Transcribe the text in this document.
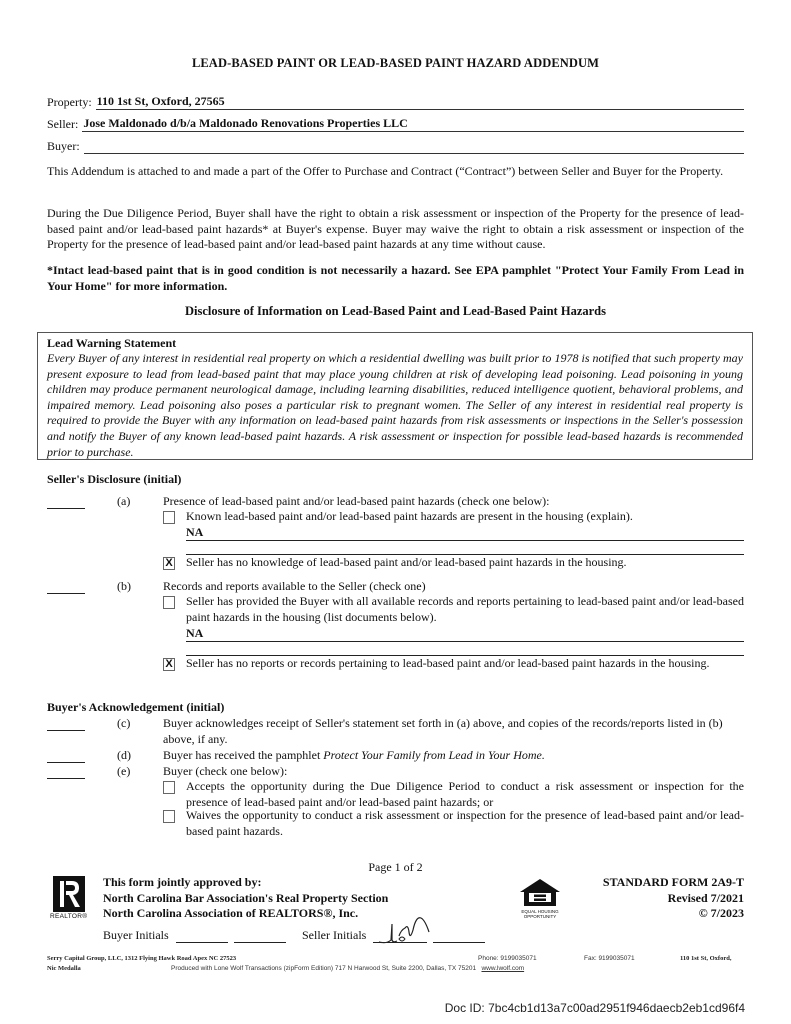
LEAD-BASED PAINT OR LEAD-BASED PAINT HAZARD ADDENDUM
Property: 110 1st St, Oxford, 27565
Seller: Jose Maldonado d/b/a Maldonado Renovations Properties LLC
Buyer:
This Addendum is attached to and made a part of the Offer to Purchase and Contract (“Contract”) between Seller and Buyer for the Property.
During the Due Diligence Period, Buyer shall have the right to obtain a risk assessment or inspection of the Property for the presence of lead-based paint and/or lead-based paint hazards* at Buyer's expense. Buyer may waive the right to obtain a risk assessment or inspection of the Property for the presence of lead-based paint and/or lead-based paint hazards at any time without cause.
*Intact lead-based paint that is in good condition is not necessarily a hazard. See EPA pamphlet "Protect Your Family From Lead in Your Home" for more information.
Disclosure of Information on Lead-Based Paint and Lead-Based Paint Hazards
Lead Warning Statement
Every Buyer of any interest in residential real property on which a residential dwelling was built prior to 1978 is notified that such property may present exposure to lead from lead-based paint that may place young children at risk of developing lead poisoning. Lead poisoning in young children may produce permanent neurological damage, including learning disabilities, reduced intelligence quotient, behavioral problems, and impaired memory. Lead poisoning also poses a particular risk to pregnant women. The Seller of any interest in residential real property is required to provide the Buyer with any information on lead-based paint hazards from risk assessments or inspections in the Seller's possession and notify the Buyer of any known lead-based paint hazards. A risk assessment or inspection for possible lead-based hazards is recommended prior to purchase.
Seller's Disclosure (initial)
(a)	Presence of lead-based paint and/or lead-based paint hazards (check one below):
Known lead-based paint and/or lead-based paint hazards are present in the housing (explain).
NA
X Seller has no knowledge of lead-based paint and/or lead-based paint hazards in the housing.
(b)	Records and reports available to the Seller (check one)
Seller has provided the Buyer with all available records and reports pertaining to lead-based paint and/or lead-based paint hazards in the housing (list documents below).
NA
X Seller has no reports or records pertaining to lead-based paint and/or lead-based paint hazards in the housing.
Buyer's Acknowledgement (initial)
(c)	Buyer acknowledges receipt of Seller's statement set forth in (a) above, and copies of the records/reports listed in (b) above, if any.
(d)	Buyer has received the pamphlet Protect Your Family from Lead in Your Home.
(e)	Buyer (check one below):
Accepts the opportunity during the Due Diligence Period to conduct a risk assessment or inspection for the presence of lead-based paint and/or lead-based paint hazards; or
Waives the opportunity to conduct a risk assessment or inspection for the presence of lead-based paint and/or lead-based paint hazards.
Page 1 of 2
REALTOR®
This form jointly approved by:
North Carolina Bar Association's Real Property Section
North Carolina Association of REALTORS®, Inc.	EQUAL HOUSING OPPORTUNITY
STANDARD FORM 2A9-T
Revised 7/2021
© 7/2023
Buyer Initials	Seller Initials
Serry Capital Group, LLC, 1312 Flying Hawk Road Apex NC 27523
Nic Medalla
Phone: 9199035071	Fax: 9199035071	110 1st St, Oxford,
Produced with Lone Wolf Transactions (zipForm Edition) 717 N Harwood St, Suite 2200, Dallas, TX 75201 www.lwolf.com
Doc ID: 7bc4cb1d13a7c00ad2951f946daecb2eb1cd96f4
